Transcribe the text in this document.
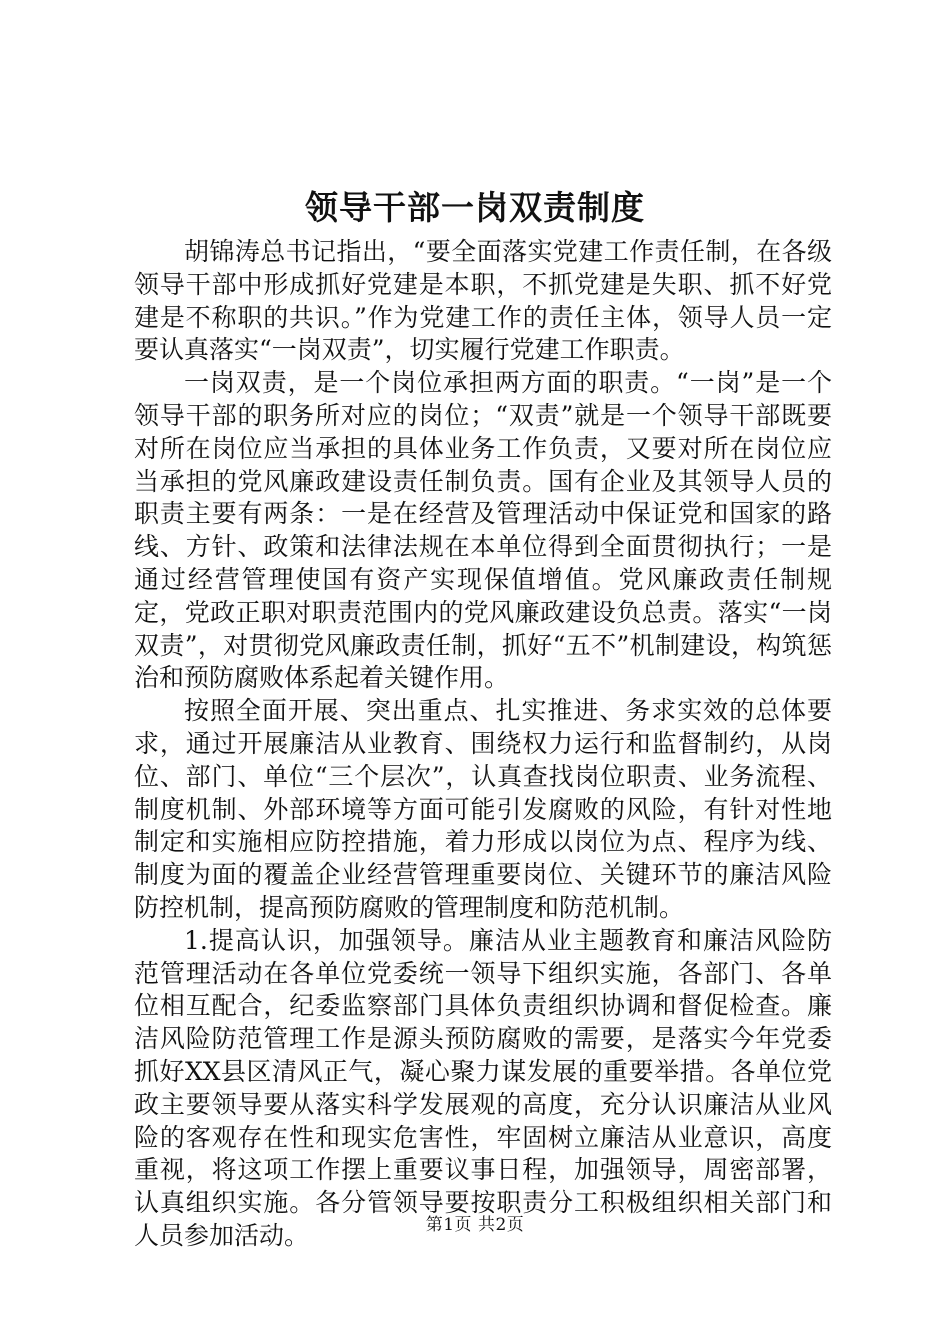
领导干部一岗双责制度

胡锦涛总书记指出，“要全面落实党建工作责任制，在各级领导干部中形成抓好党建是本职，不抓党建是失职、抓不好党建是不称职的共识。”作为党建工作的责任主体，领导人员一定要认真落实“一岗双责”，切实履行党建工作职责。

一岗双责，是一个岗位承担两方面的职责。“一岗”是一个领导干部的职务所对应的岗位；“双责”就是一个领导干部既要对所在岗位应当承担的具体业务工作负责，又要对所在岗位应当承担的党风廉政建设责任制负责。国有企业及其领导人员的职责主要有两条：一是在经营及管理活动中保证党和国家的路线、方针、政策和法律法规在本单位得到全面贯彻执行；一是通过经营管理使国有资产实现保值增值。党风廉政责任制规定，党政正职对职责范围内的党风廉政建设负总责。落实“一岗双责”，对贯彻党风廉政责任制，抓好“五不”机制建设，构筑惩治和预防腐败体系起着关键作用。

按照全面开展、突出重点、扎实推进、务求实效的总体要求，通过开展廉洁从业教育、围绕权力运行和监督制约，从岗位、部门、单位“三个层次”，认真查找岗位职责、业务流程、制度机制、外部环境等方面可能引发腐败的风险，有针对性地制定和实施相应防控措施，着力形成以岗位为点、程序为线、制度为面的覆盖企业经营管理重要岗位、关键环节的廉洁风险防控机制，提高预防腐败的管理制度和防范机制。

1.提高认识，加强领导。廉洁从业主题教育和廉洁风险防范管理活动在各单位党委统一领导下组织实施，各部门、各单位相互配合，纪委监察部门具体负责组织协调和督促检查。廉洁风险防范管理工作是源头预防腐败的需要，是落实今年党委抓好XX县区清风正气，凝心聚力谋发展的重要举措。各单位党政主要领导要从落实科学发展观的高度，充分认识廉洁从业风险的客观存在性和现实危害性，牢固树立廉洁从业意识，高度重视，将这项工作摆上重要议事日程，加强领导，周密部署，认真组织实施。各分管领导要按职责分工积极组织相关部门和人员参加活动。	第1页 共2页
